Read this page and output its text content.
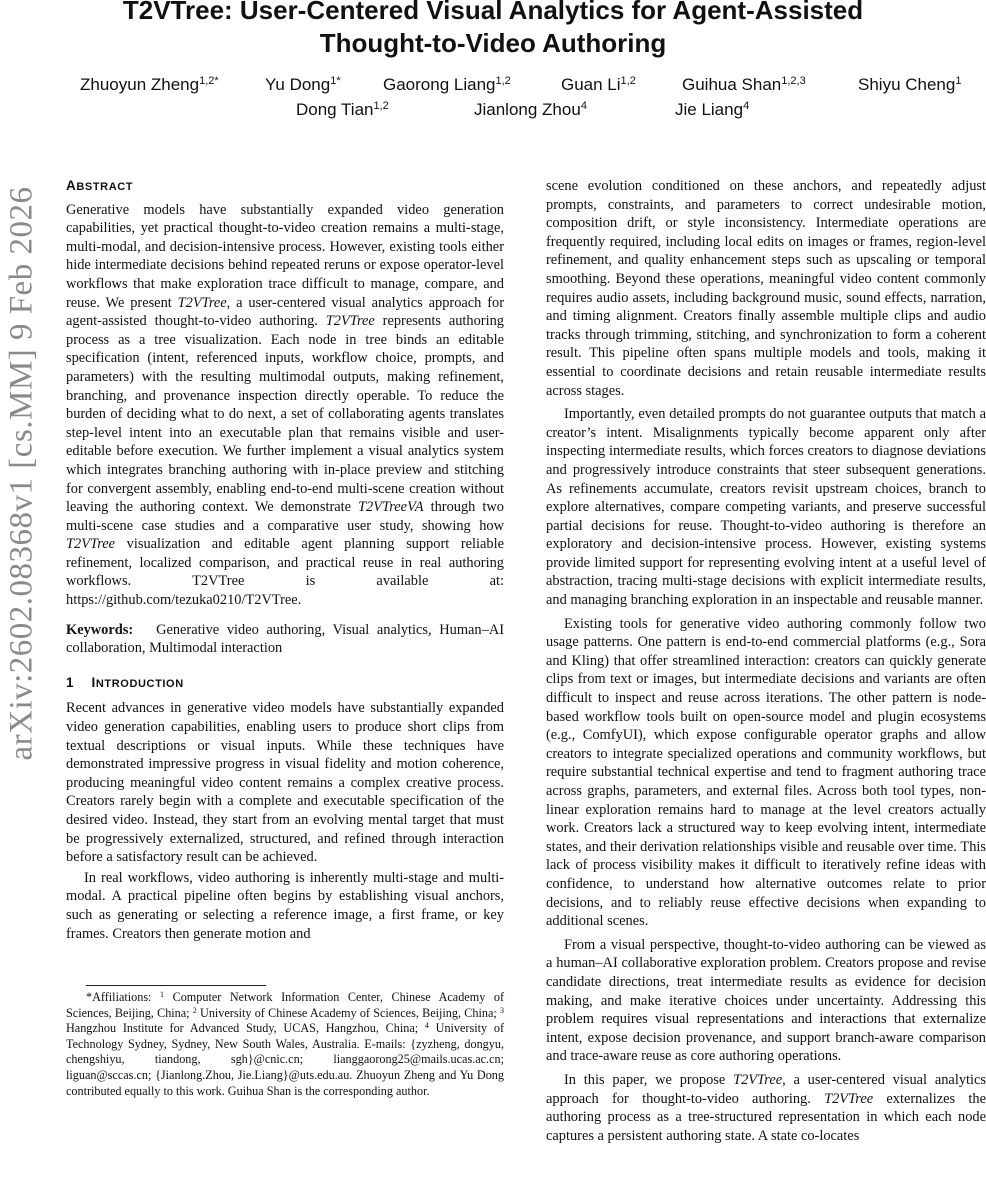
T2VTree: User-Centered Visual Analytics for Agent-Assisted
Thought-to-Video Authoring
Zhuoyun Zheng$^{1,2*}$	Yu Dong$^{1*}$ Gaorong Liang$^{1,2}$	Guan Li$^{1,2}$	Guihua Shan$^{1,2,3}$	Shiyu Cheng$^1$
Dong Tian$^{1,2}$	Jianlong Zhou$^4$	Jie Liang$^4$
arXiv:2602.08368v1 [cs.MM] 9 Feb 2026
ABSTRACT

Generative models have substantially expanded video generation capabilities, yet practical thought-to-video creation remains a multi-stage, multi-modal, and decision-intensive process. However, existing tools either hide intermediate decisions behind repeated reruns or expose operator-level workflows that make exploration trace difficult to manage, compare, and reuse. We present T2VTree, a user-centered visual analytics approach for agent-assisted thought-to-video authoring. T2VTree represents authoring process as a tree visualization. Each node in tree binds an editable specification (intent, referenced inputs, workflow choice, prompts, and parameters) with the resulting multimodal outputs, making refinement, branching, and provenance inspection directly operable. To reduce the burden of deciding what to do next, a set of collaborating agents translates step-level intent into an executable plan that remains visible and user-editable before execution. We further implement a visual analytics system which integrates branching authoring with in-place preview and stitching for convergent assembly, enabling end-to-end multi-scene creation without leaving the authoring context. We demonstrate T2VTreeVA through two multi-scene case studies and a comparative user study, showing how T2VTree visualization and editable agent planning support reliable refinement, localized comparison, and practical reuse in real authoring workflows. T2VTree is available at: https://github.com/tezuka0210/T2VTree.

Keywords: Generative video authoring, Visual analytics, Human–AI collaboration, Multimodal interaction

1 INTRODUCTION

Recent advances in generative video models have substantially expanded video generation capabilities, enabling users to produce short clips from textual descriptions or visual inputs. While these techniques have demonstrated impressive progress in visual fidelity and motion coherence, producing meaningful video content remains a complex creative process. Creators rarely begin with a complete and executable specification of the desired video. Instead, they start from an evolving mental target that must be progressively externalized, structured, and refined through interaction before a satisfactory result can be achieved.

In real workflows, video authoring is inherently multi-stage and multi-modal. A practical pipeline often begins by establishing visual anchors, such as generating or selecting a reference image, a first frame, or key frames. Creators then generate motion and

*Affiliations: $^1$ Computer Network Information Center, Chinese Academy of Sciences, Beijing, China; $^2$ University of Chinese Academy of Sciences, Beijing, China; $^3$ Hangzhou Institute for Advanced Study, UCAS, Hangzhou, China; $^4$ University of Technology Sydney, Sydney, New South Wales, Australia. E-mails: {zyzheng, dongyu, chengshiyu, tiandong, sgh}@cnic.cn; lianggaorong25@mails.ucas.ac.cn; liguan@sccas.cn; {Jianlong.Zhou, Jie.Liang}@uts.edu.au. Zhuoyun Zheng and Yu Dong contributed equally to this work. Guihua Shan is the corresponding author.

scene evolution conditioned on these anchors, and repeatedly adjust prompts, constraints, and parameters to correct undesirable motion, composition drift, or style inconsistency. Intermediate operations are frequently required, including local edits on images or frames, region-level refinement, and quality enhancement steps such as upscaling or temporal smoothing. Beyond these operations, meaningful video content commonly requires audio assets, including background music, sound effects, narration, and timing alignment. Creators finally assemble multiple clips and audio tracks through trimming, stitching, and synchronization to form a coherent result. This pipeline often spans multiple models and tools, making it essential to coordinate decisions and retain reusable intermediate results across stages.

Importantly, even detailed prompts do not guarantee outputs that match a creator’s intent. Misalignments typically become apparent only after inspecting intermediate results, which forces creators to diagnose deviations and progressively introduce constraints that steer subsequent generations. As refinements accumulate, creators revisit upstream choices, branch to explore alternatives, compare competing variants, and preserve successful partial decisions for reuse. Thought-to-video authoring is therefore an exploratory and decision-intensive process. However, existing systems provide limited support for representing evolving intent at a useful level of abstraction, tracing multi-stage decisions with explicit intermediate results, and managing branching exploration in an inspectable and reusable manner.

Existing tools for generative video authoring commonly follow two usage patterns. One pattern is end-to-end commercial platforms (e.g., Sora and Kling) that offer streamlined interaction: creators can quickly generate clips from text or images, but intermediate decisions and variants are often difficult to inspect and reuse across iterations. The other pattern is node-based workflow tools built on open-source model and plugin ecosystems (e.g., ComfyUI), which expose configurable operator graphs and allow creators to integrate specialized operations and community workflows, but require substantial technical expertise and tend to fragment authoring trace across graphs, parameters, and external files. Across both tool types, non-linear exploration remains hard to manage at the level creators actually work. Creators lack a structured way to keep evolving intent, intermediate states, and their derivation relationships visible and reusable over time. This lack of process visibility makes it difficult to iteratively refine ideas with confidence, to understand how alternative outcomes relate to prior decisions, and to reliably reuse effective decisions when expanding to additional scenes.

From a visual perspective, thought-to-video authoring can be viewed as a human–AI collaborative exploration problem. Creators propose and revise candidate directions, treat intermediate results as evidence for decision making, and make iterative choices under uncertainty. Addressing this problem requires visual representations and interactions that externalize intent, expose decision provenance, and support branch-aware comparison and trace-aware reuse as core authoring operations.

In this paper, we propose T2VTree, a user-centered visual analytics approach for thought-to-video authoring. T2VTree externalizes the authoring process as a tree-structured representation in which each node captures a persistent authoring state. A state co-locates
